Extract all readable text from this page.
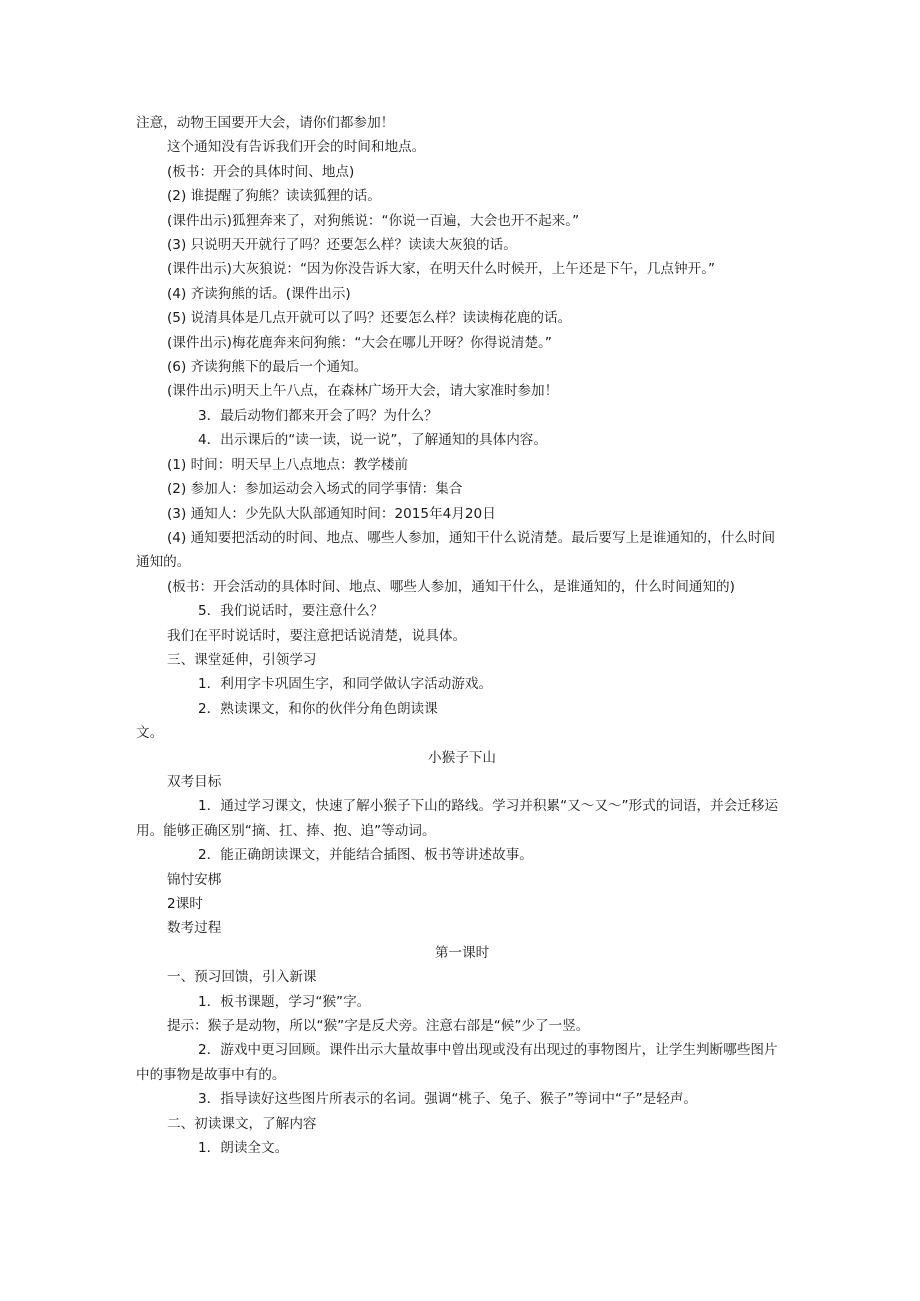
注意，动物王国要开大会，请你们都参加！

这个通知没有告诉我们开会的时间和地点。

(板书：开会的具体时间、地点)

(2) 谁提醒了狗熊？读读狐狸的话。

(课件出示)狐狸奔来了，对狗熊说：“你说一百遍，大会也开不起来。”

(3) 只说明天开就行了吗？还要怎么样？读读大灰狼的话。

(课件出示)大灰狼说：“因为你没告诉大家，在明天什么时候开，上午还是下午，几点钟开。”

(4) 齐读狗熊的话。(课件出示)

(5) 说清具体是几点开就可以了吗？还要怎么样？读读梅花鹿的话。

(课件出示)梅花鹿奔来问狗熊：“大会在哪儿开呀？你得说清楚。”

(6) 齐读狗熊下的最后一个通知。

(课件出示)明天上午八点，在森林广场开大会，请大家准时参加！

3．最后动物们都来开会了吗？为什么？

4．出示课后的“读一读，说一说”，了解通知的具体内容。

(1) 时间：明天早上八点地点：教学楼前

(2) 参加人：参加运动会入场式的同学事情：集合

(3) 通知人：少先队大队部通知时间：2015年4月20日

(4) 通知要把活动的时间、地点、哪些人参加，通知干什么说清楚。最后要写上是谁通知的，什么时间通知的。

(板书：开会活动的具体时间、地点、哪些人参加，通知干什么，是谁通知的，什么时间通知的)

5．我们说话时，要注意什么？

我们在平时说话时，要注意把话说清楚，说具体。

三、课堂延伸，引领学习

1．利用字卡巩固生字，和同学做认字活动游戏。

2．熟读课文，和你的伙伴分角色朗读课

文。

小猴子下山

双考目标

1．通过学习课文，快速了解小猴子下山的路线。学习并积累“又～又～”形式的词语，并会迁移运用。能够正确区别“摘、扛、捧、抱、追”等动词。

2．能正确朗读课文，并能结合插图、板书等讲述故事。

锦忖安梆

2课时

数考过程

第一课时

一、预习回馈，引入新课

1．板书课题，学习“猴”字。

提示：猴子是动物，所以“猴”字是反犬旁。注意右部是“候”少了一竖。

2．游戏中更习回顾。课件出示大量故事中曾出现或没有出现过的事物图片，让学生判断哪些图片中的事物是故事中有的。

3．指导读好这些图片所表示的名词。强调“桃子、兔子、猴子”等词中“子”是轻声。

二、初读课文，了解内容

1．朗读全文。
